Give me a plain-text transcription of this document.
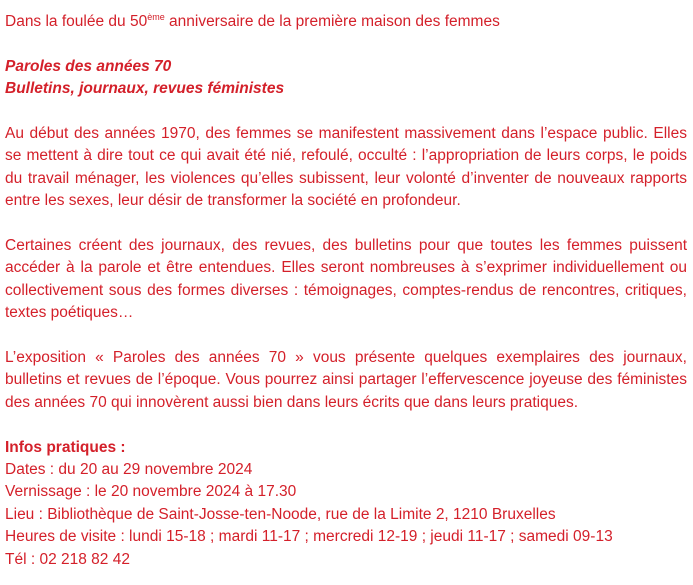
Dans la foulée du 50ème anniversaire de la première maison des femmes

Paroles des années 70

Bulletins, journaux, revues féministes

Au début des années 1970, des femmes se manifestent massivement dans l’espace public. Elles se mettent à dire tout ce qui avait été nié, refoulé, occulté : l’appropriation de leurs corps, le poids du travail ménager, les violences qu’elles subissent, leur volonté d’inventer de nouveaux rapports entre les sexes, leur désir de transformer la société en profondeur.

Certaines créent des journaux, des revues, des bulletins pour que toutes les femmes puissent accéder à la parole et être entendues. Elles seront nombreuses à s’exprimer individuellement ou collectivement sous des formes diverses : témoignages, comptes-rendus de rencontres, critiques, textes poétiques…

L’exposition « Paroles des années 70 » vous présente quelques exemplaires des journaux, bulletins et revues de l’époque. Vous pourrez ainsi partager l’effervescence joyeuse des féministes des années 70 qui innovèrent aussi bien dans leurs écrits que dans leurs pratiques.

Infos pratiques :

Dates : du 20 au 29 novembre 2024

Vernissage : le 20 novembre 2024 à 17.30

Lieu : Bibliothèque de Saint-Josse-ten-Noode, rue de la Limite 2, 1210 Bruxelles

Heures de visite : lundi 15-18 ; mardi 11-17 ; mercredi 12-19 ; jeudi 11-17 ; samedi 09-13

Tél : 02 218 82 42
